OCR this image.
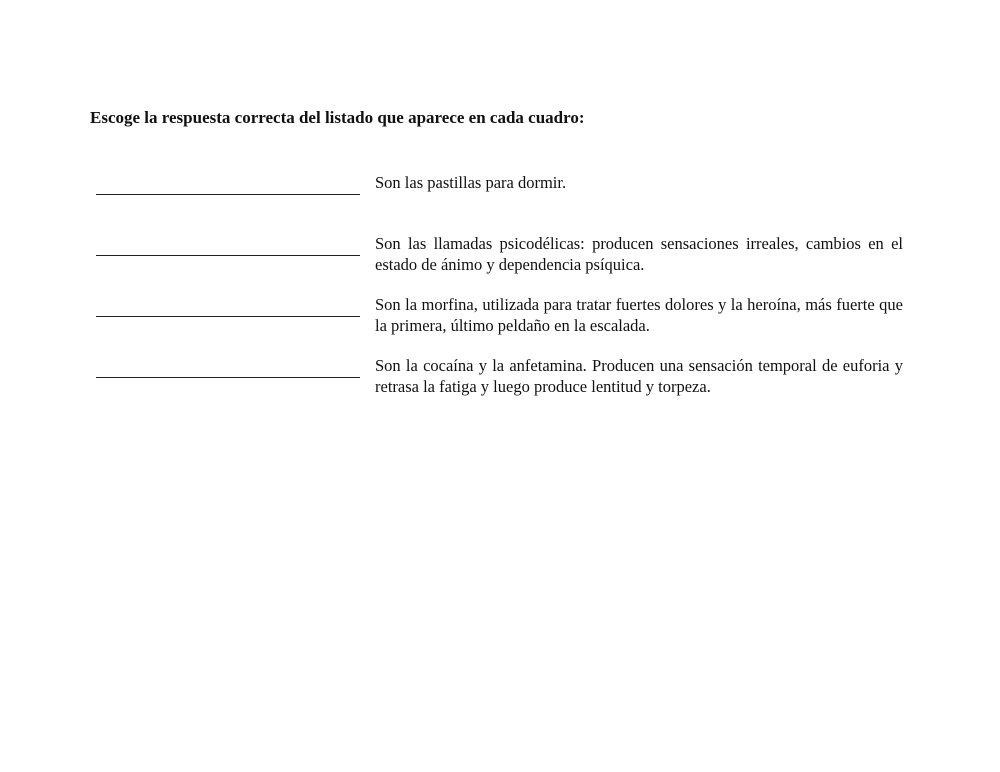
Escoge la respuesta correcta del listado que aparece en cada cuadro:
Son las pastillas para dormir.
Son las llamadas psicodélicas: producen sensaciones irreales, cambios en el estado de ánimo y dependencia psíquica.
Son la morfina, utilizada para tratar fuertes dolores y la heroína, más fuerte que la primera, último peldaño en la escalada.
Son la cocaína y la anfetamina. Producen una sensación temporal de euforia y retrasa la fatiga y luego produce lentitud y torpeza.
